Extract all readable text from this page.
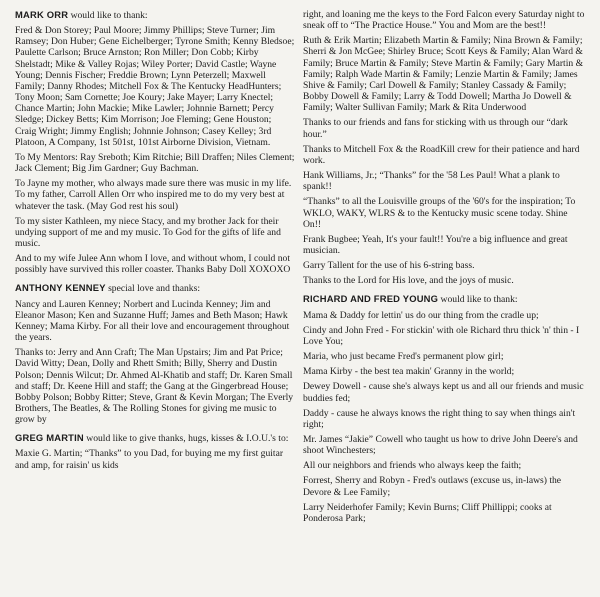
MARK ORR would like to thank:

Fred & Don Storey; Paul Moore; Jimmy Phillips; Steve Turner; Jim Ramsey; Don Huber; Gene Eichelberger; Tyrone Smith; Kenny Bledsoe; Paulette Carlson; Bruce Arnston; Ron Miller; Don Cobb; Kirby Shelstadt; Mike & Valley Rojas; Wiley Porter; David Castle; Wayne Young; Dennis Fischer; Freddie Brown; Lynn Peterzell; Maxwell Family; Danny Rhodes; Mitchell Fox & The Kentucky HeadHunters; Tony Moon; Sam Cornette; Joe Koury; Jake Mayer; Larry Knectel; Chance Martin; John Mackie; Mike Lawler; Johnnie Barnett; Percy Sledge; Dickey Betts; Kim Morrison; Joe Fleming; Gene Houston; Craig Wright; Jimmy English; Johnnie Johnson; Casey Kelley; 3rd Platoon, A Company, 1st 501st, 101st Airborne Division, Vietnam.

To My Mentors: Ray Sreboth; Kim Ritchie; Bill Draffen; Niles Clement; Jack Clement; Big Jim Gardner; Guy Bachman.

To Jayne my mother, who always made sure there was music in my life. To my father, Carroll Allen Orr who inspired me to do my very best at whatever the task. (May God rest his soul)

To my sister Kathleen, my niece Stacy, and my brother Jack for their undying support of me and my music. To God for the gifts of life and music.

And to my wife Julee Ann whom I love, and without whom, I could not possibly have survived this roller coaster. Thanks Baby Doll XOXOXO

ANTHONY KENNEY special love and thanks:

Nancy and Lauren Kenney; Norbert and Lucinda Kenney; Jim and Eleanor Mason; Ken and Suzanne Huff; James and Beth Mason; Hawk Kenney; Mama Kirby. For all their love and encouragement throughout the years.

Thanks to: Jerry and Ann Craft; The Man Upstairs; Jim and Pat Price; David Witty; Dean, Dolly and Rhett Smith; Billy, Sherry and Dustin Polson; Dennis Wilcut; Dr. Ahmed Al-Khatib and staff; Dr. Karen Small and staff; Dr. Keene Hill and staff; the Gang at the Gingerbread House; Bobby Polson; Bobby Ritter; Steve, Grant & Kevin Morgan; The Everly Brothers, The Beatles, & The Rolling Stones for giving me music to grow by

GREG MARTIN would like to give thanks, hugs, kisses & I.O.U.'s to:

Maxie G. Martin; “Thanks” to you Dad, for buying me my first guitar and amp, for raisin' us kids

right, and loaning me the keys to the Ford Falcon every Saturday night to sneak off to “The Practice House.” You and Mom are the best!!

Ruth & Erik Martin; Elizabeth Martin & Family; Nina Brown & Family; Sherri & Jon McGee; Shirley Bruce; Scott Keys & Family; Alan Ward & Family; Bruce Martin & Family; Steve Martin & Family; Gary Martin & Family; Ralph Wade Martin & Family; Lenzie Martin & Family; James Shive & Family; Carl Dowell & Family; Stanley Cassady & Family; Bobby Dowell & Family; Larry & Todd Dowell; Martha Jo Dowell & Family; Walter Sullivan Family; Mark & Rita Underwood

Thanks to our friends and fans for sticking with us through our “dark hour.”

Thanks to Mitchell Fox & the RoadKill crew for their patience and hard work.

Hank Williams, Jr.; “Thanks” for the '58 Les Paul! What a plank to spank!!

“Thanks” to all the Louisville groups of the '60's for the inspiration; To WKLO, WAKY, WLRS & to the Kentucky music scene today. Shine On!!

Frank Bugbee; Yeah, It's your fault!! You're a big influence and great musician.

Garry Tallent for the use of his 6-string bass.

Thanks to the Lord for His love, and the joys of music.

RICHARD AND FRED YOUNG would like to thank:

Mama & Daddy for lettin' us do our thing from the cradle up;

Cindy and John Fred - For stickin' with ole Richard thru thick 'n' thin - I Love You;

Maria, who just became Fred's permanent plow girl;

Mama Kirby - the best tea makin' Granny in the world;

Dewey Dowell - cause she's always kept us and all our friends and music buddies fed;

Daddy - cause he always knows the right thing to say when things ain't right;

Mr. James “Jakie” Cowell who taught us how to drive John Deere's and shoot Winchesters;

All our neighbors and friends who always keep the faith;

Forrest, Sherry and Robyn - Fred's outlaws (excuse us, in-laws) the Devore & Lee Family;

Larry Neiderhofer Family; Kevin Burns; Cliff Phillippi; cooks at Ponderosa Park;
